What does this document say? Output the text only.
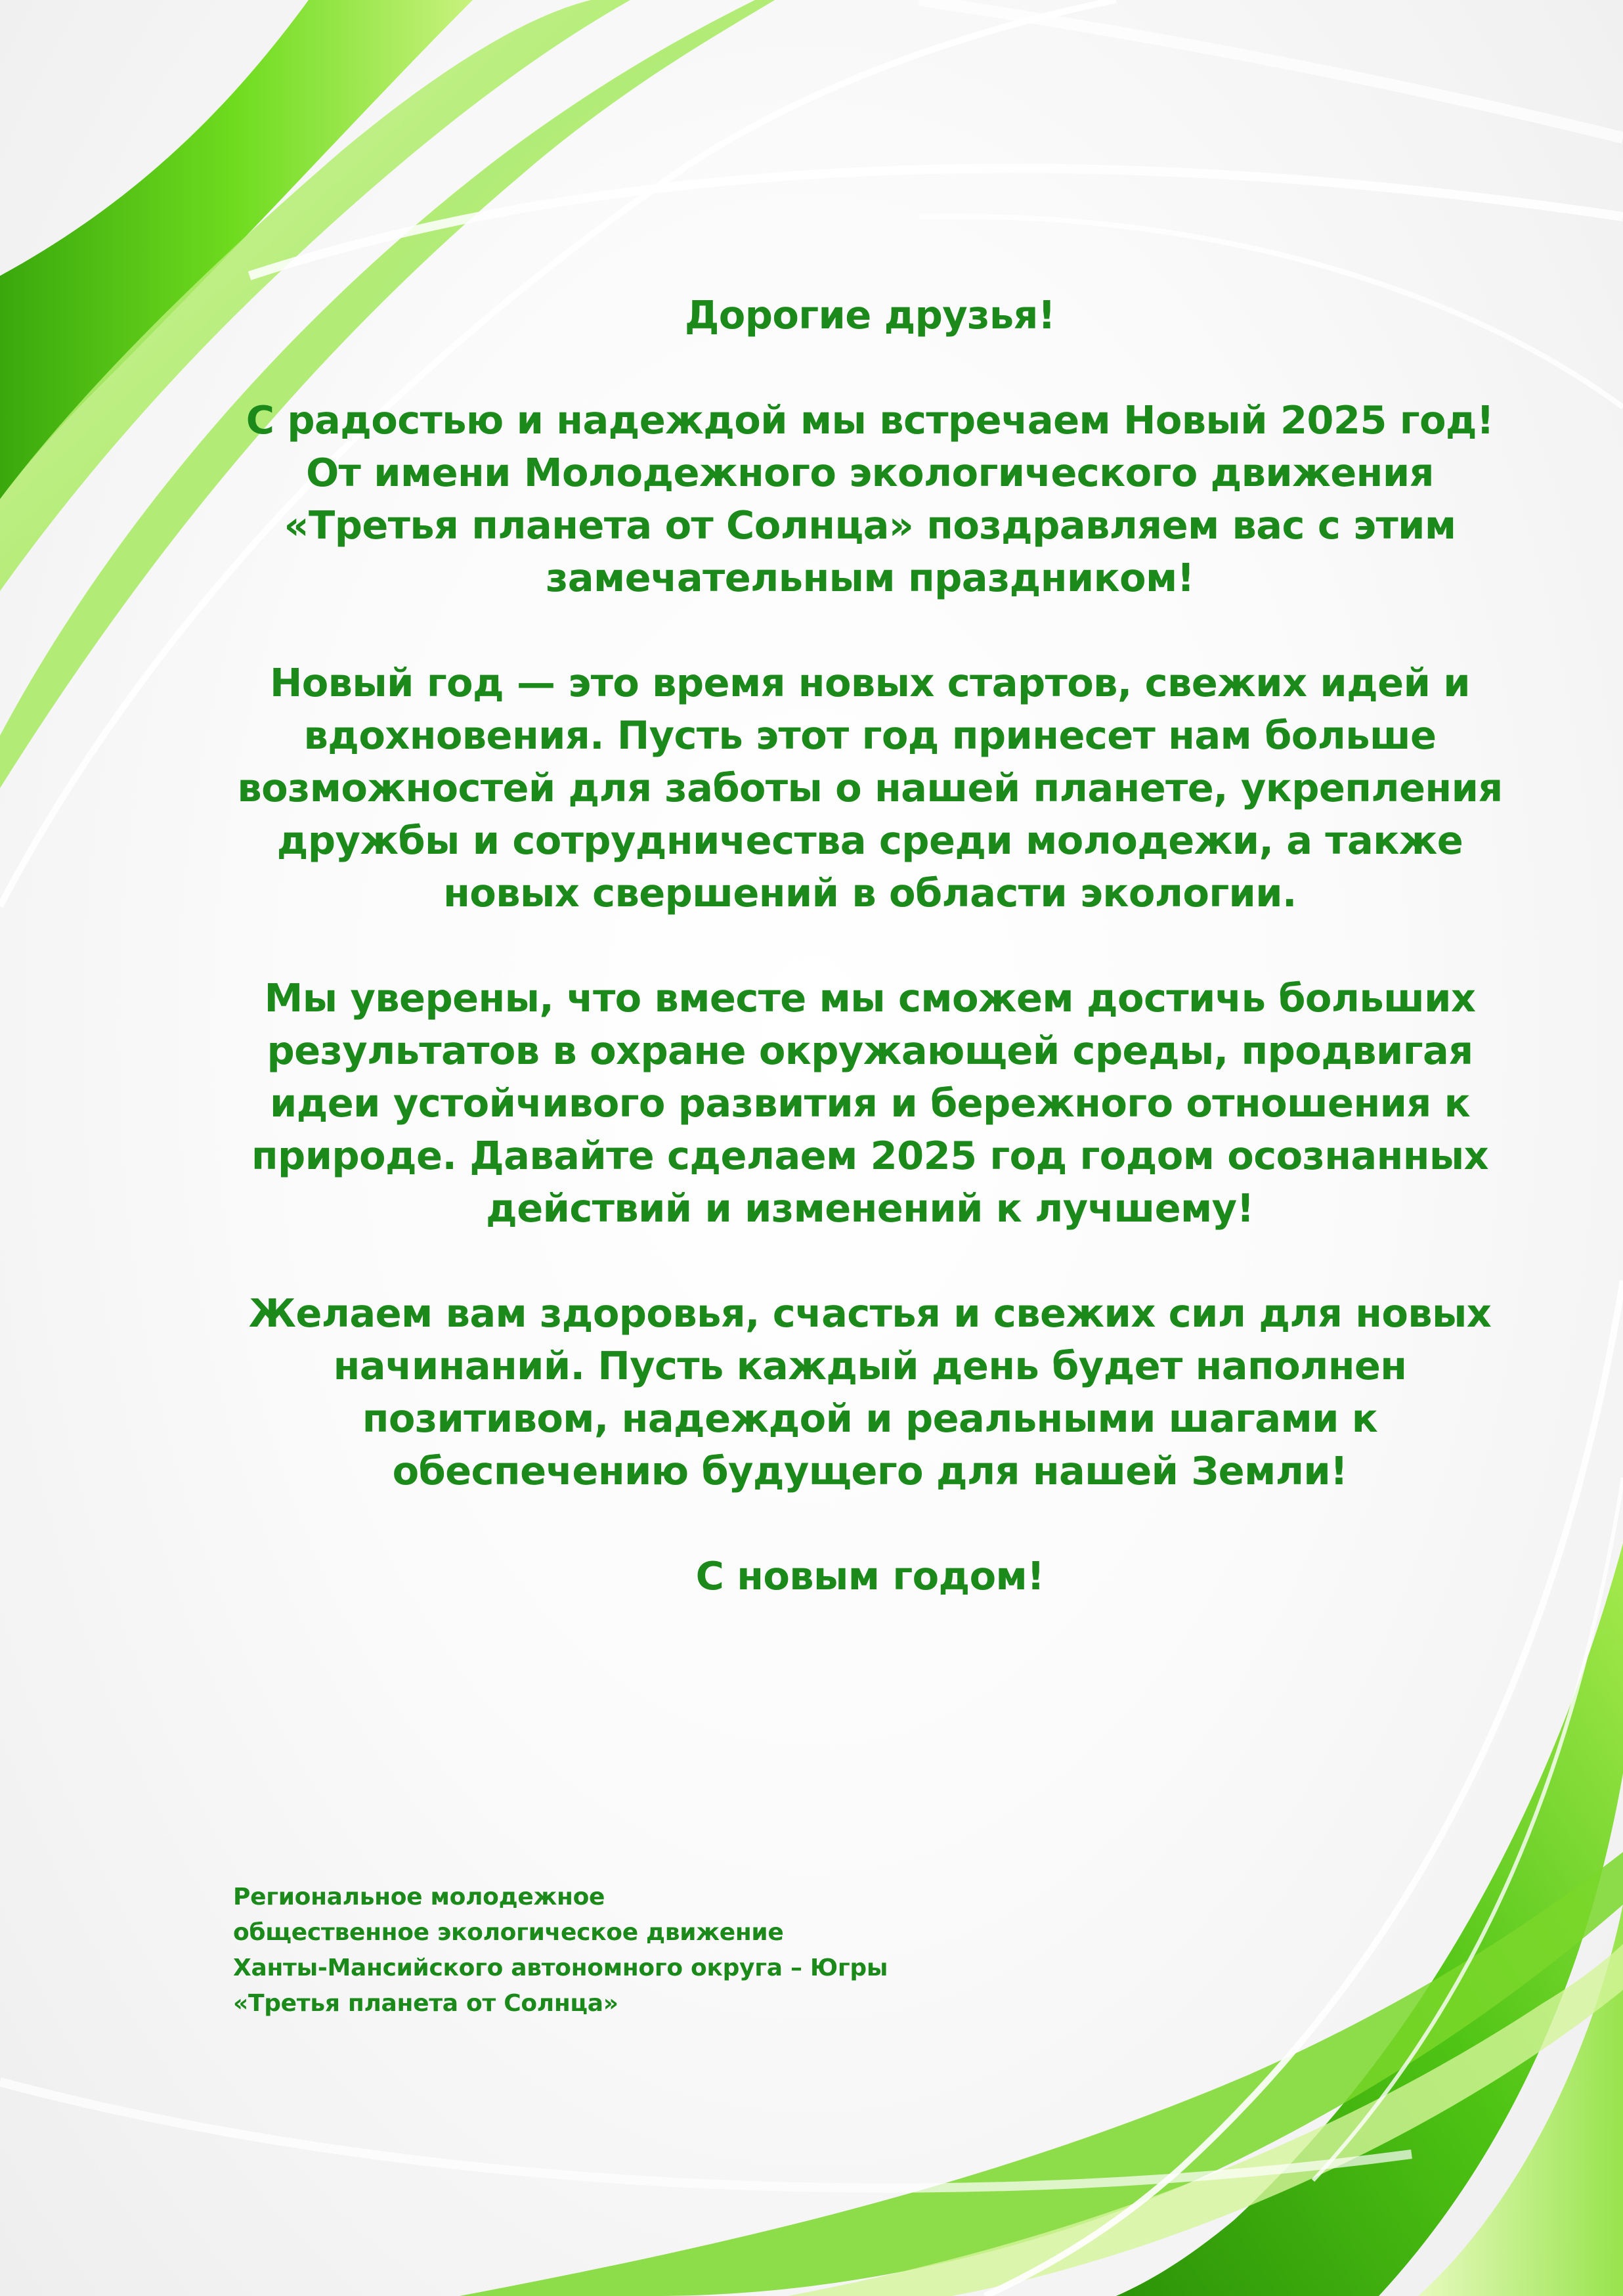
Дорогие друзья!

С радостью и надеждой мы встречаем Новый 2025 год! От имени Молодежного экологического движения «Третья планета от Солнца» поздравляем вас с этим замечательным праздником!

Новый год — это время новых стартов, свежих идей и вдохновения. Пусть этот год принесет нам больше возможностей для заботы о нашей планете, укрепления дружбы и сотрудничества среди молодежи, а также новых свершений в области экологии.

Мы уверены, что вместе мы сможем достичь больших результатов в охране окружающей среды, продвигая идеи устойчивого развития и бережного отношения к природе. Давайте сделаем 2025 год годом осознанных действий и изменений к лучшему!

Желаем вам здоровья, счастья и свежих сил для новых начинаний. Пусть каждый день будет наполнен позитивом, надеждой и реальными шагами к обеспечению будущего для нашей Земли!

С новым годом!

Региональное молодежное
общественное экологическое движение
Ханты-Мансийского автономного округа – Югры
«Третья планета от Солнца»
